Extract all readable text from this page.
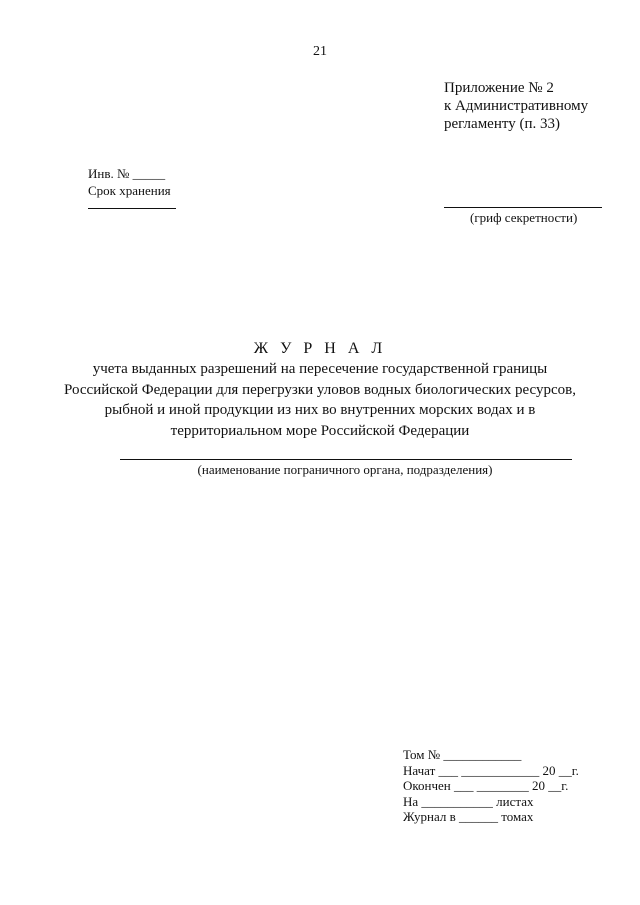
21
Приложение № 2
к Административному
регламенту (п. 33)
Инв. № _____
Срок хранения
(гриф секретности)
Ж У Р Н А Л
учета выданных разрешений на пересечение государственной границы
Российской Федерации для перегрузки уловов водных биологических ресурсов,
рыбной и иной продукции из них во внутренних морских водах и в
территориальном море Российской Федерации
(наименование пограничного органа, подразделения)
Том № ____________
Начат ___ ____________ 20 __г.
Окончен ___ ________ 20 __г.
На ___________ листах
Журнал в ______ томах
